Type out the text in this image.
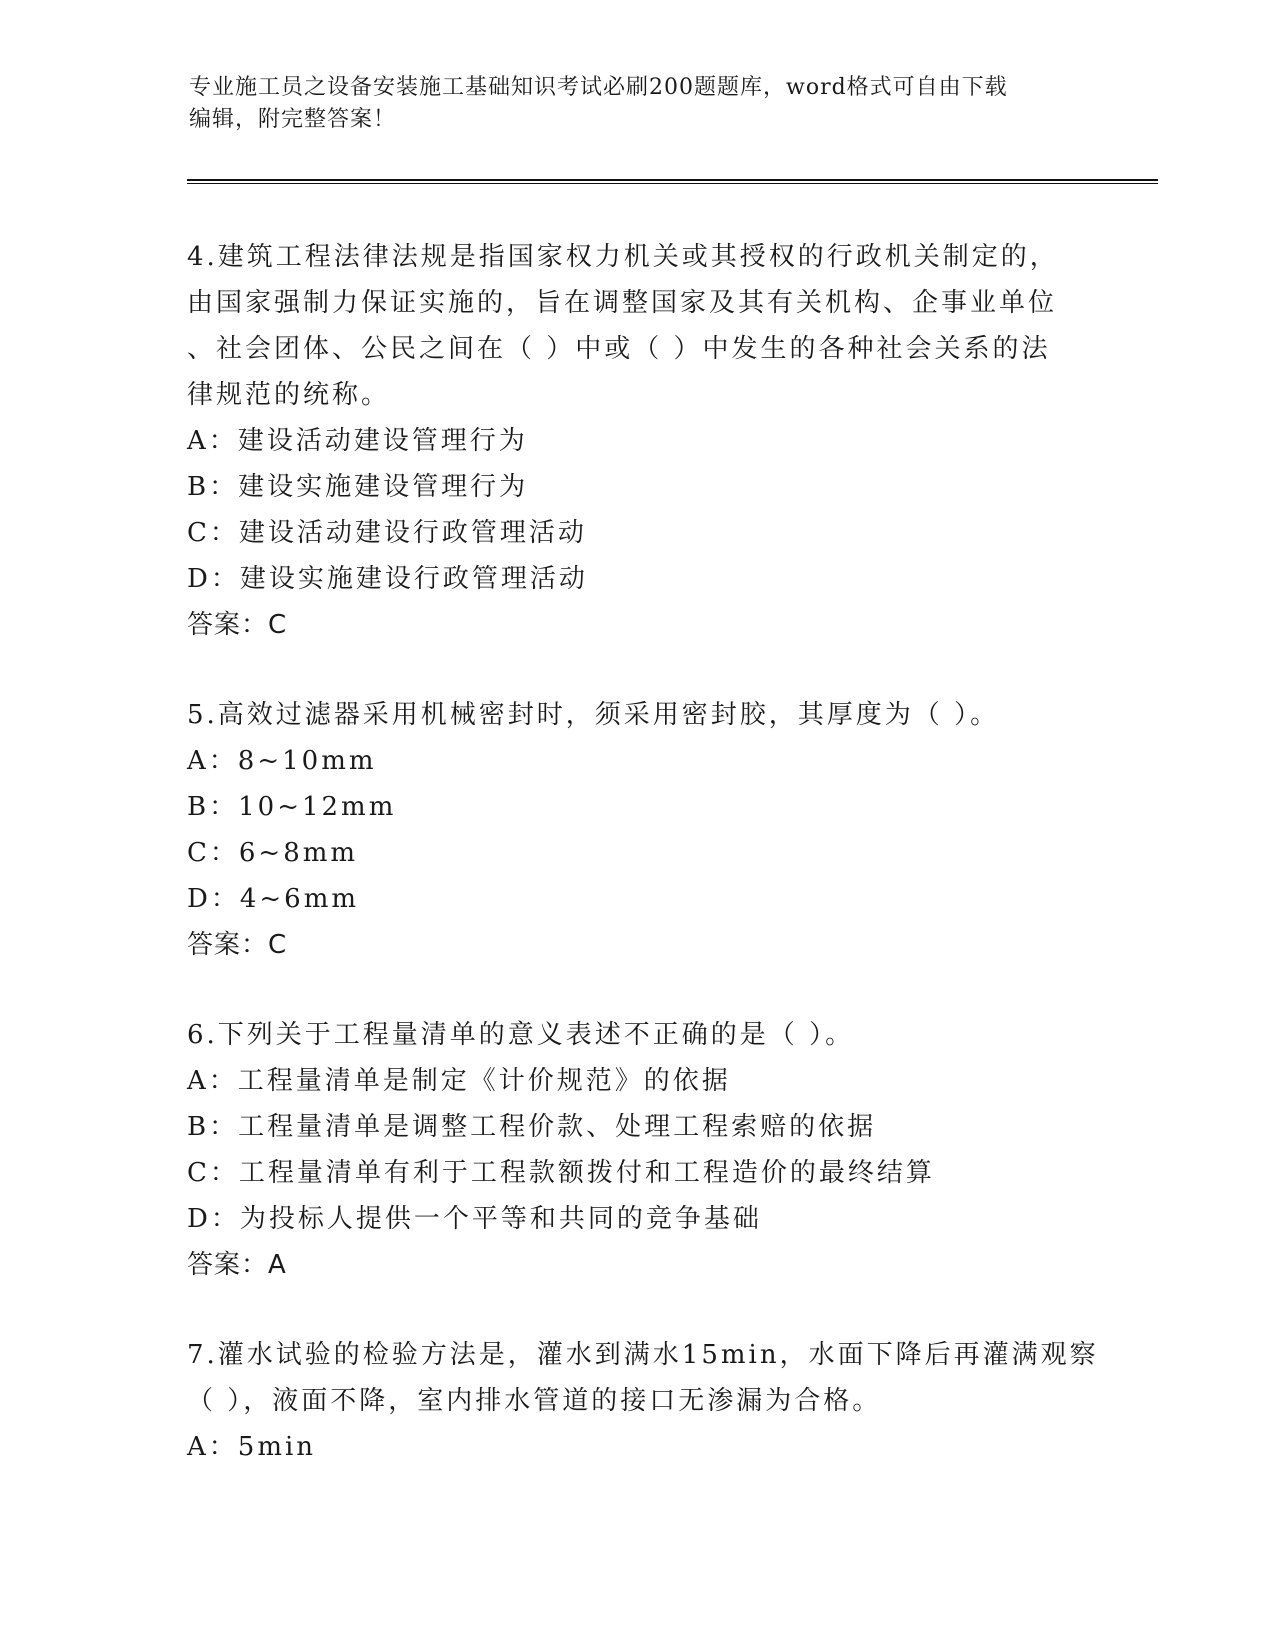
专业施工员之设备安装施工基础知识考试必刷200题题库，word格式可自由下载
编辑，附完整答案！
4.建筑工程法律法规是指国家权力机关或其授权的行政机关制定的，
由国家强制力保证实施的，旨在调整国家及其有关机构、企事业单位
、社会团体、公民之间在（ ）中或（ ）中发生的各种社会关系的法
律规范的统称。
A：建设活动建设管理行为
B：建设实施建设管理行为
C：建设活动建设行政管理活动
D：建设实施建设行政管理活动
答案：C
5.高效过滤器采用机械密封时，须采用密封胶，其厚度为（ ）。
A：8~10mm
B：10~12mm
C：6~8mm
D：4~6mm
答案：C
6.下列关于工程量清单的意义表述不正确的是（ ）。
A：工程量清单是制定《计价规范》的依据
B：工程量清单是调整工程价款、处理工程索赔的依据
C：工程量清单有利于工程款额拨付和工程造价的最终结算
D：为投标人提供一个平等和共同的竞争基础
答案：A
7.灌水试验的检验方法是，灌水到满水15min，水面下降后再灌满观察
（ ），液面不降，室内排水管道的接口无渗漏为合格。
A：5min
